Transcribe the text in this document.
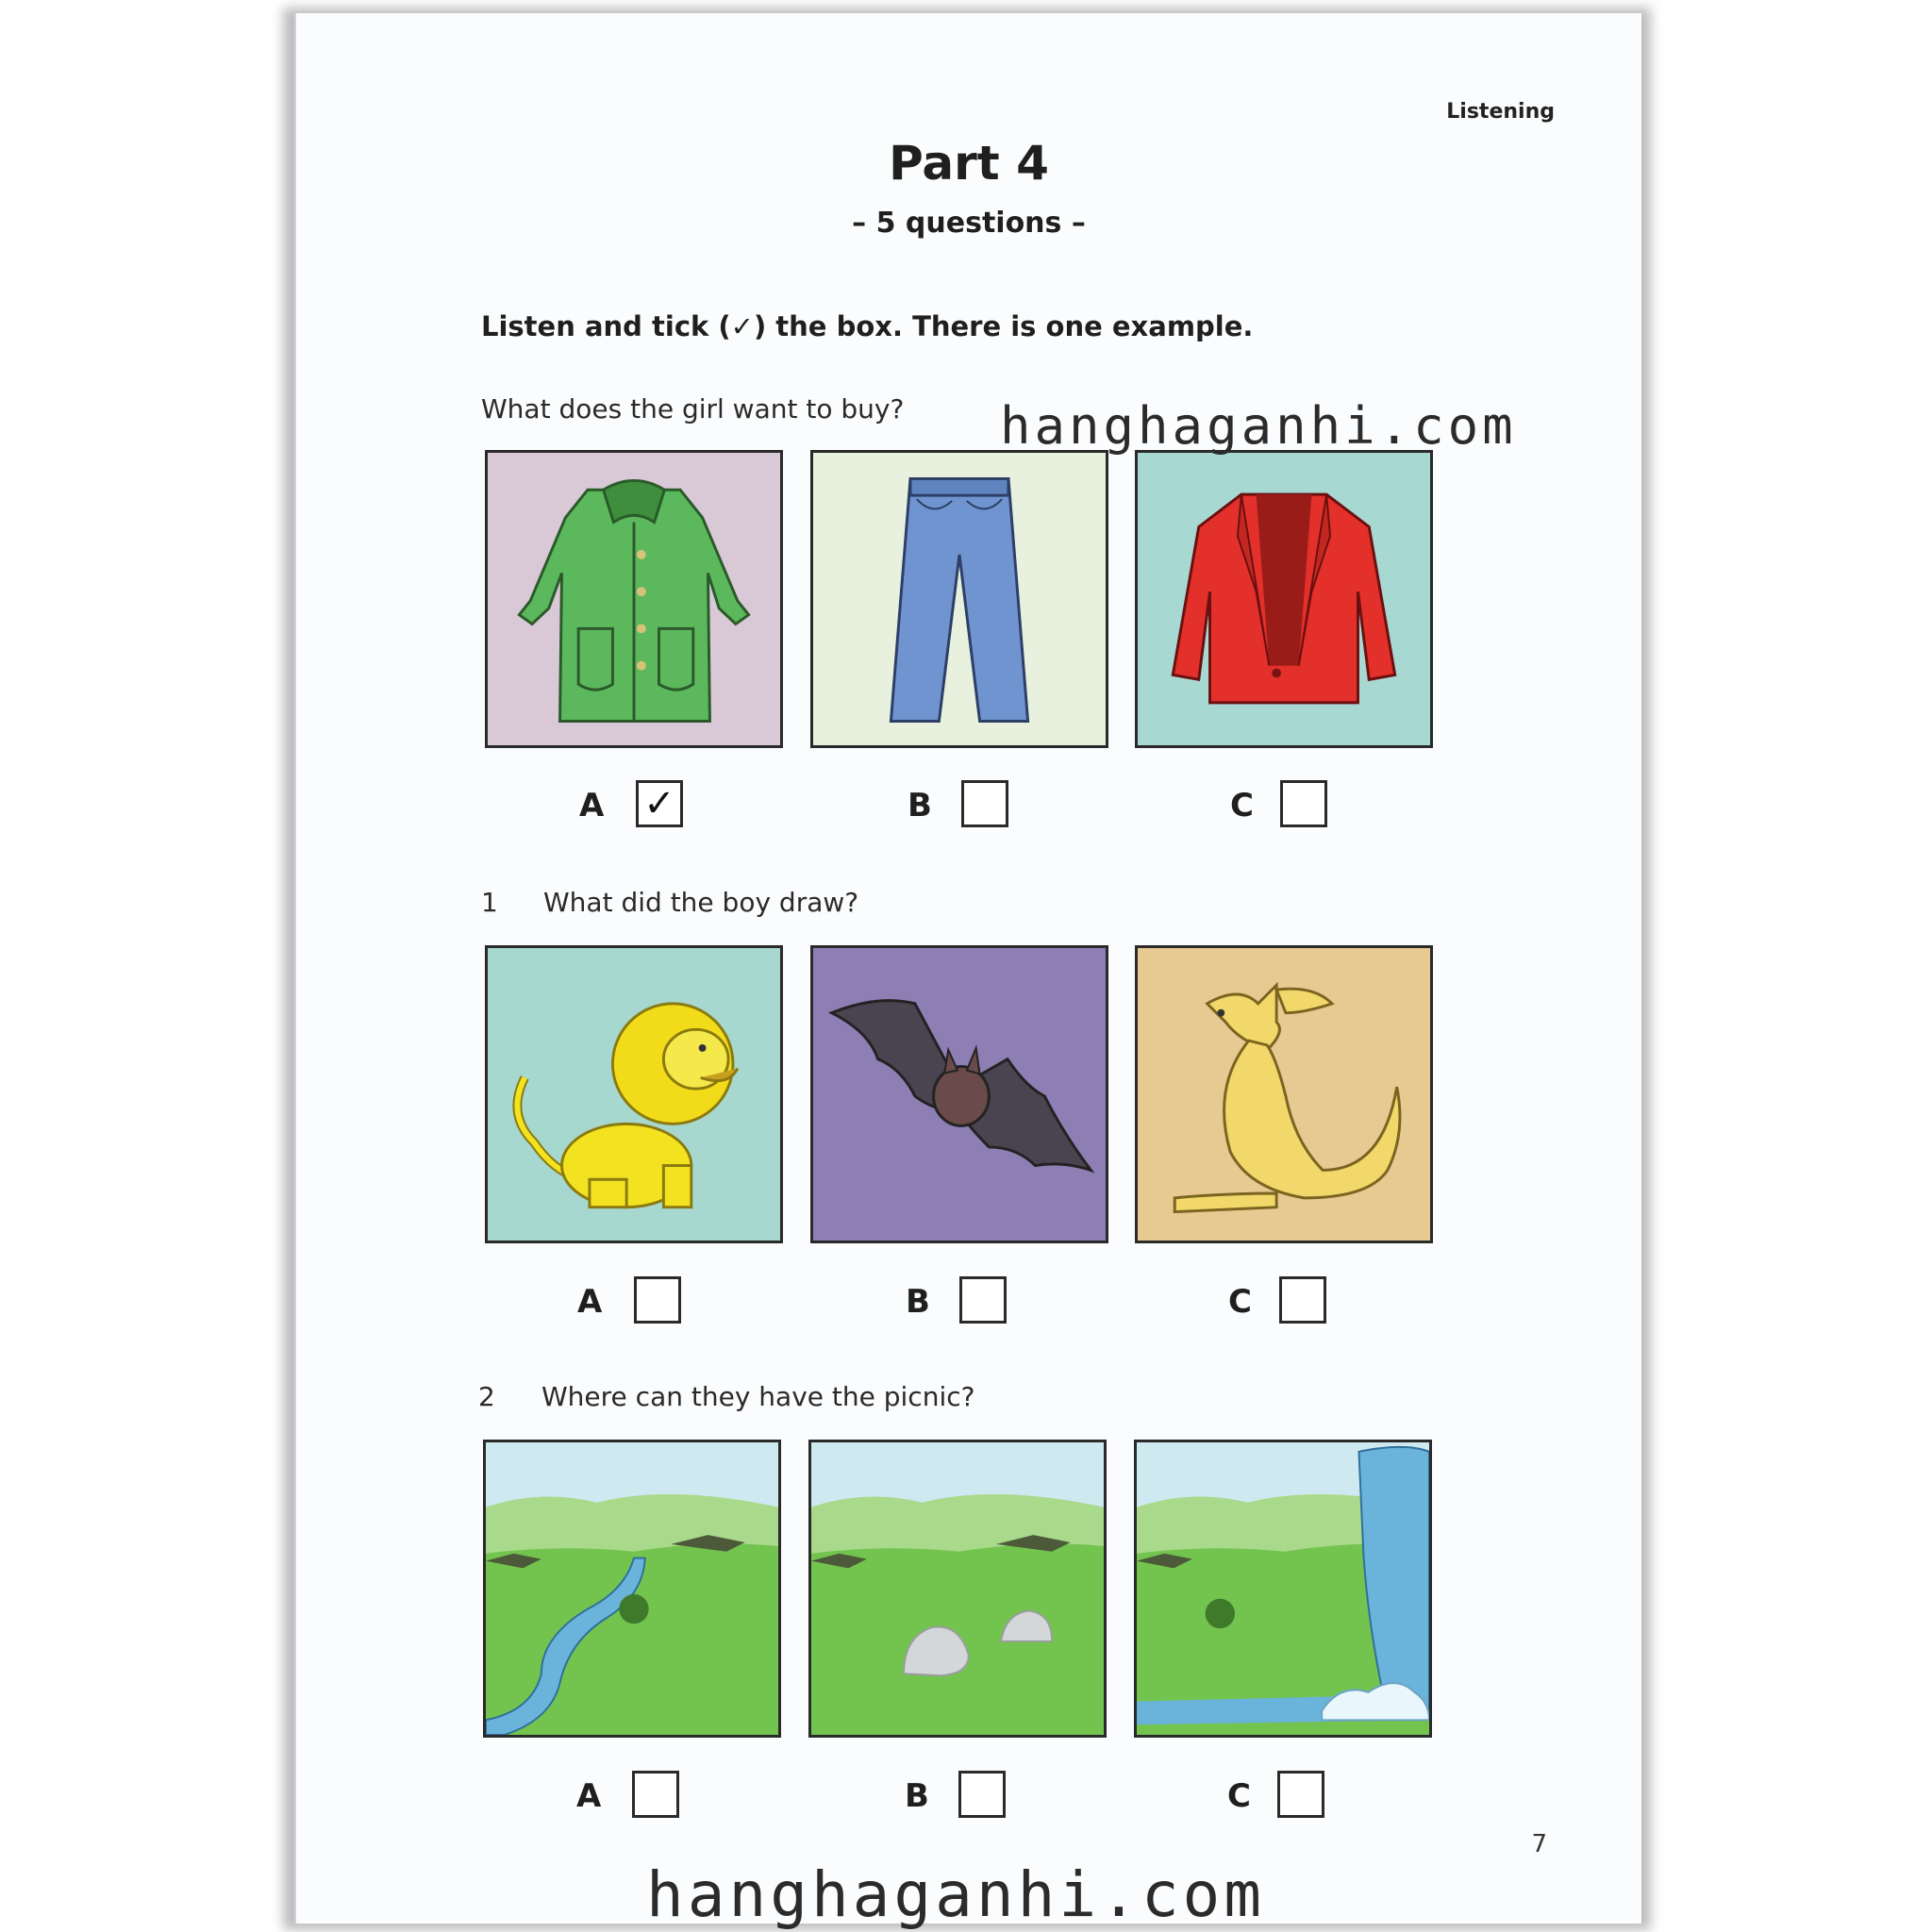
Listening
Part 4
– 5 questions –
Listen and tick (✓) the box. There is one example.
What does the girl want to buy?
A ✓	B	C
1 What did the boy draw?
A	B	C
2 Where can they have the picnic?
A	B	C
7
hanghaganhi.com
hanghaganhi.com
